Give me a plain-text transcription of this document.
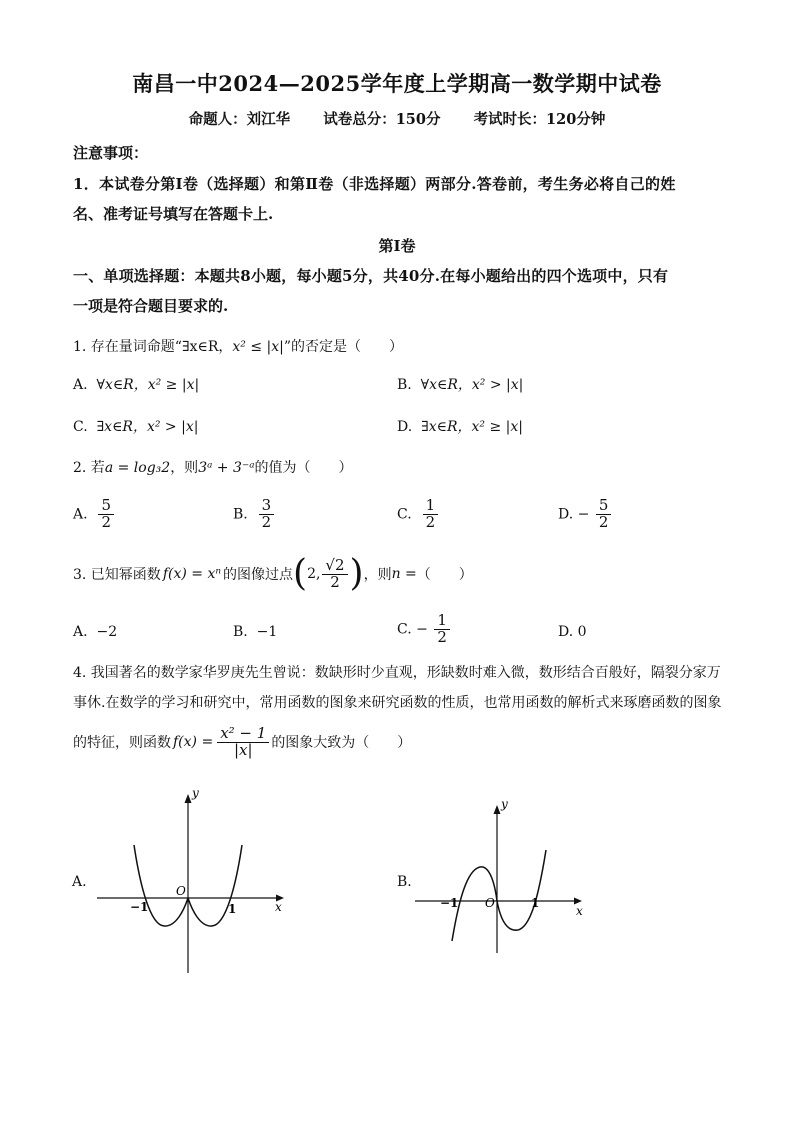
南昌一中2024—2025学年度上学期高一数学期中试卷
命题人：刘江华 试卷总分：150分 考试时长：120分钟
注意事项：
1．本试卷分第Ⅰ卷（选择题）和第Ⅱ卷（非选择题）两部分.答卷前，考生务必将自己的姓
名、准考证号填写在答题卡上.
第Ⅰ卷
一、单项选择题：本题共8小题，每小题5分，共40分.在每小题给出的四个选项中，只有
一项是符合题目要求的.
1. 存在量词命题“∃x∈R，x² ≤ |x|”的否定是（　　）
A. ∀x∈R，x² ≥ |x|	B. ∀x∈R，x² > |x|
C. ∃x∈R，x² > |x|	D. ∃x∈R，x² ≥ |x|
2. 若a = log₃2，则3ᵃ + 3⁻ᵃ的值为（　　）
A. $\frac{5}{2}$	B. $\frac{3}{2}$	C. $\frac{1}{2}$	D. − $\frac{5}{2}$
3. 已知幂函数 f(x) = xⁿ 的图像过点 ( 2, $\frac{√2}{2}$ ) ，则 n = （　　）
A. −2	B. −1	C. − $\frac{1}{2}$	D. 0
4. 我国著名的数学家华罗庚先生曾说：数缺形时少直观，形缺数时难入微，数形结合百般好，隔裂分家万
事休.在数学的学习和研究中，常用函数的图象来研究函数的性质，也常用函数的解析式来琢磨函数的图象
的特征，则函数 $f(x) = \frac{\text{x² − 1}}{|x|}$ 的图象大致为（　　）
A.
y
x
O
−1	1
B.
y
x
O
−1	1
